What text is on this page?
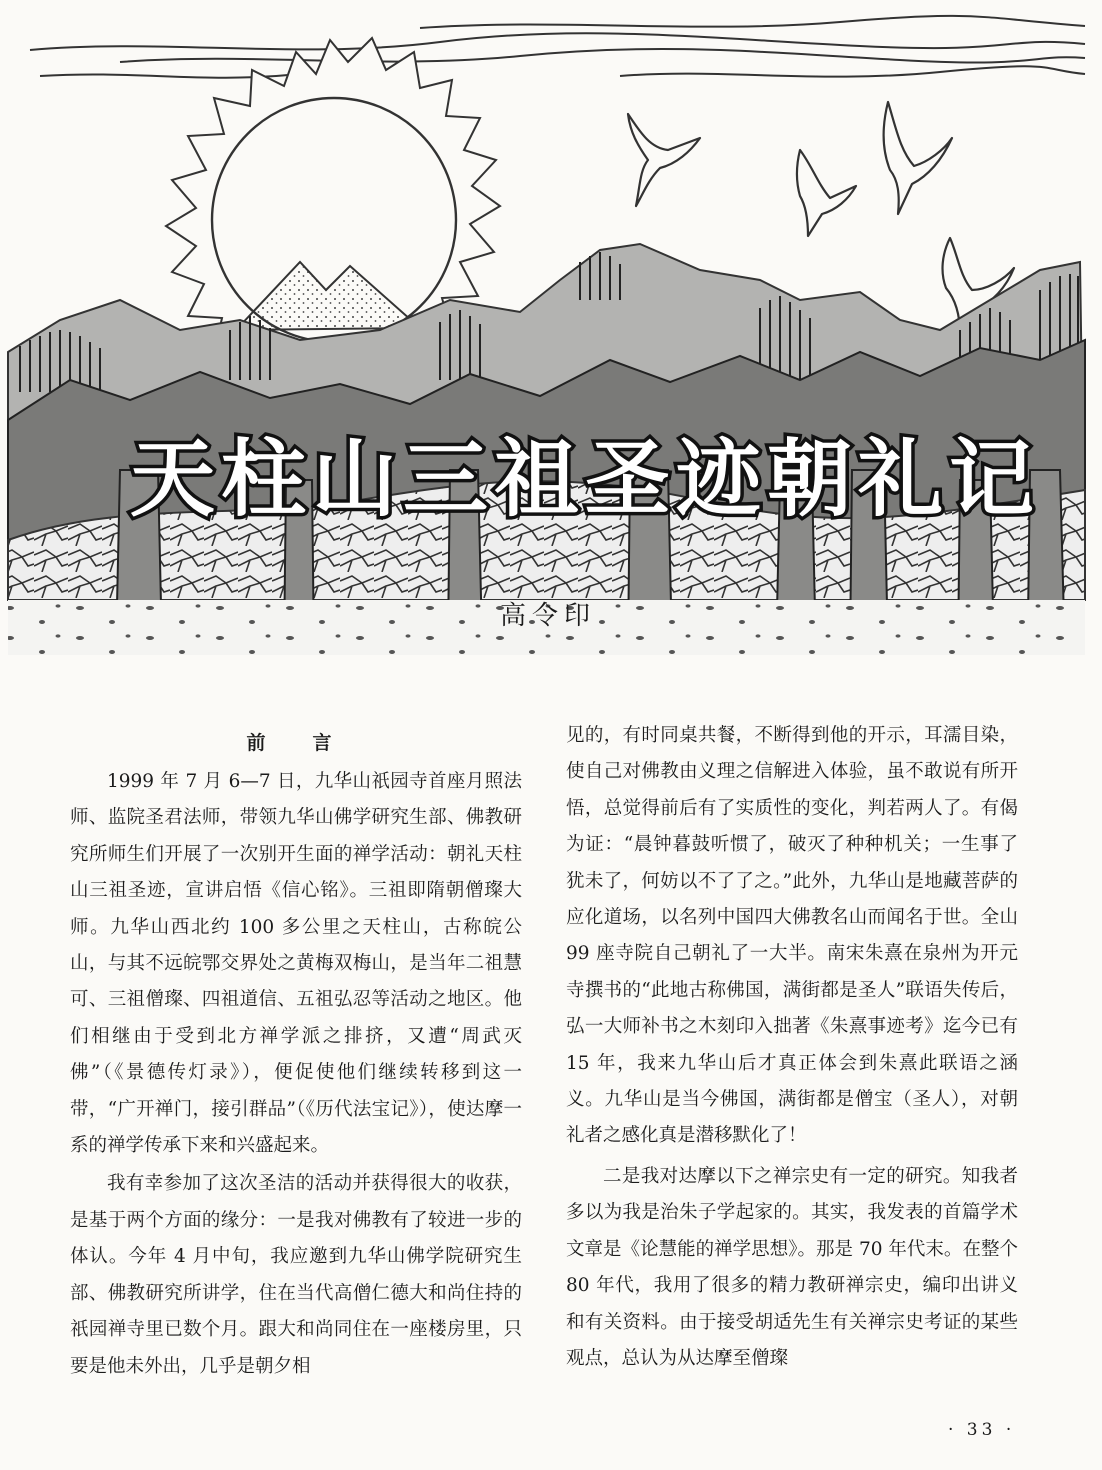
天柱山三祖圣迹朝礼记
高令印

前　言

1999 年 7 月 6—7 日，九华山祇园寺首座月照法师、监院圣君法师，带领九华山佛学研究生部、佛教研究所师生们开展了一次别开生面的禅学活动：朝礼天柱山三祖圣迹，宣讲启悟《信心铭》。三祖即隋朝僧璨大师。九华山西北约 100 多公里之天柱山，古称皖公山，与其不远皖鄂交界处之黄梅双梅山，是当年二祖慧可、三祖僧璨、四祖道信、五祖弘忍等活动之地区。他们相继由于受到北方禅学派之排挤，又遭“周武灭佛”（《景德传灯录》），便促使他们继续转移到这一带，“广开禅门，接引群品”（《历代法宝记》），使达摩一系的禅学传承下来和兴盛起来。

我有幸参加了这次圣洁的活动并获得很大的收获，是基于两个方面的缘分：一是我对佛教有了较进一步的体认。今年 4 月中旬，我应邀到九华山佛学院研究生部、佛教研究所讲学，住在当代高僧仁德大和尚住持的祇园禅寺里已数个月。跟大和尚同住在一座楼房里，只要是他未外出，几乎是朝夕相

见的，有时同桌共餐，不断得到他的开示，耳濡目染，使自己对佛教由义理之信解进入体验，虽不敢说有所开悟，总觉得前后有了实质性的变化，判若两人了。有偈为证：“晨钟暮鼓听惯了，破灭了种种机关；一生事了犹未了，何妨以不了了之。”此外，九华山是地藏菩萨的应化道场，以名列中国四大佛教名山而闻名于世。全山 99 座寺院自己朝礼了一大半。南宋朱熹在泉州为开元寺撰书的“此地古称佛国，满街都是圣人”联语失传后，弘一大师补书之木刻印入拙著《朱熹事迹考》迄今已有 15 年，我来九华山后才真正体会到朱熹此联语之涵义。九华山是当今佛国，满街都是僧宝（圣人），对朝礼者之感化真是潜移默化了！

二是我对达摩以下之禅宗史有一定的研究。知我者多以为我是治朱子学起家的。其实，我发表的首篇学术文章是《论慧能的禅学思想》。那是 70 年代末。在整个 80 年代，我用了很多的精力教研禅宗史，编印出讲义和有关资料。由于接受胡适先生有关禅宗史考证的某些观点，总认为从达摩至僧璨

· 33 ·
